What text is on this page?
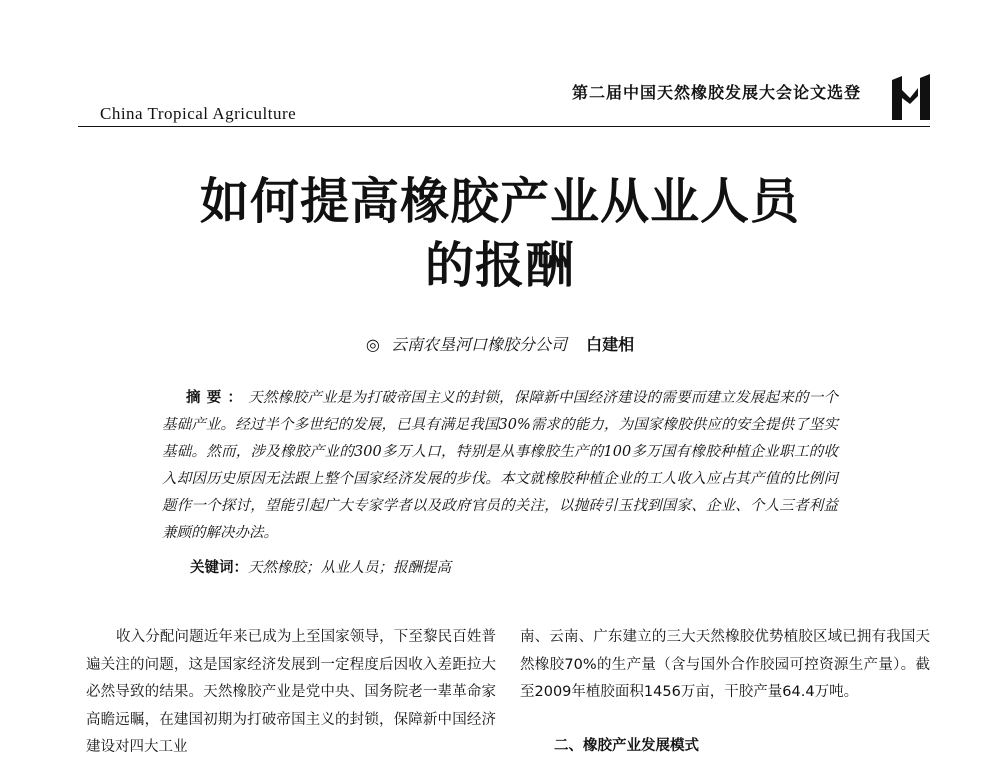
China Tropical Agriculture
第二届中国天然橡胶发展大会论文选登
如何提高橡胶产业从业人员
的报酬
◎ 云南农垦河口橡胶分公司 白建相
摘要：天然橡胶产业是为打破帝国主义的封锁，保障新中国经济建设的需要而建立发展起来的一个基础产业。经过半个多世纪的发展，已具有满足我国30%需求的能力，为国家橡胶供应的安全提供了坚实基础。然而，涉及橡胶产业的300多万人口，特别是从事橡胶生产的100多万国有橡胶种植企业职工的收入却因历史原因无法跟上整个国家经济发展的步伐。本文就橡胶种植企业的工人收入应占其产值的比例问题作一个探讨，望能引起广大专家学者以及政府官员的关注，以抛砖引玉找到国家、企业、个人三者利益兼顾的解决办法。
关键词：天然橡胶；从业人员；报酬提高
收入分配问题近年来已成为上至国家领导，下至黎民百姓普遍关注的问题，这是国家经济发展到一定程度后因收入差距拉大必然导致的结果。天然橡胶产业是党中央、国务院老一辈革命家高瞻远瞩，在建国初期为打破帝国主义的封锁，保障新中国经济建设对四大工业
南、云南、广东建立的三大天然橡胶优势植胶区域已拥有我国天然橡胶70%的生产量（含与国外合作胶园可控资源生产量）。截至2009年植胶面积1456万亩，干胶产量64.4万吨。
二、橡胶产业发展模式
